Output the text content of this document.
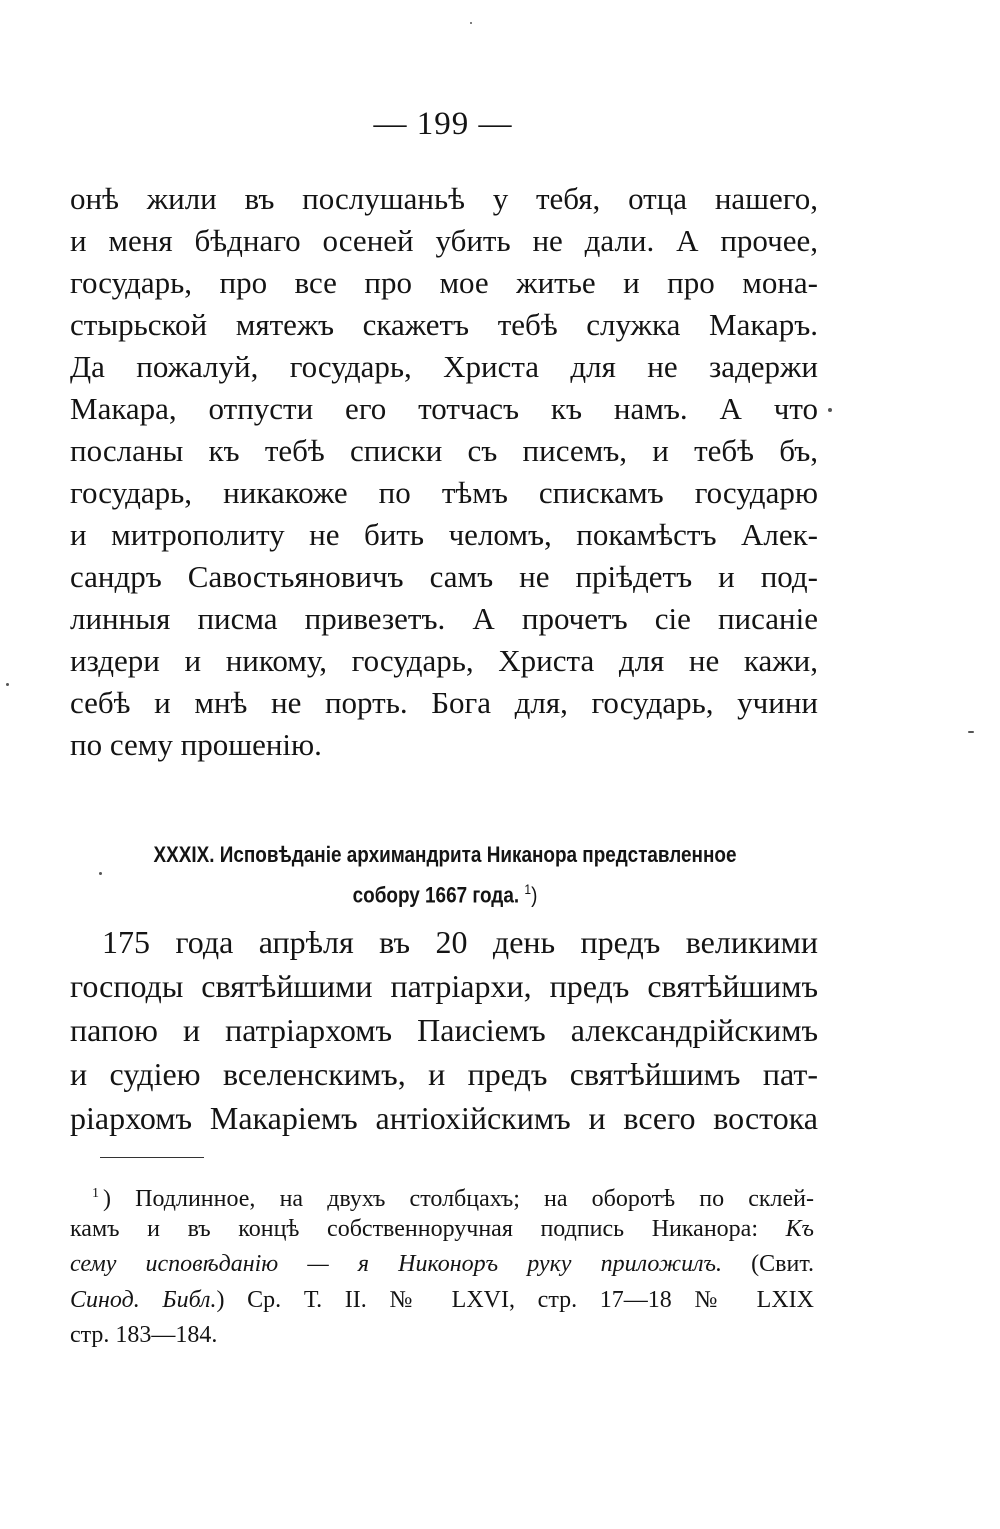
— 199 —
онѣ жили въ послушаньѣ у тебя, отца нашего,
и меня бѣднаго осеней убить не дали. А прочее,
государь, про все про мое житье и про мона-
стырьской мятежъ скажетъ тебѣ служка Макаръ.
Да пожалуй, государь, Христа для не задержи
Макара, отпусти его тотчасъ къ намъ. А что
посланы къ тебѣ списки съ писемъ, и тебѣ бъ,
государь, никакоже по тѣмъ спискамъ государю
и митрополиту не бить челомъ, покамѣстъ Алек-
сандръ Савостьяновичъ самъ не пріѣдетъ и под-
линныя писма привезетъ. А прочетъ сіе писаніе
издери и никому, государь, Христа для не кажи,
себѣ и мнѣ не порть. Бога для, государь, учини
по сему прошенію.
XXXIX. Исповѣданіе архимандрита Никанора представленное
собору 1667 года. $^1$)
175 года апрѣля въ 20 день предъ великими
господы святѣйшими патріархи, предъ святѣйшимъ
папою и патріархомъ Паисіемъ александрійскимъ
и судіею вселенскимъ, и предъ святѣйшимъ пат-
ріархомъ Макаріемъ антіохійскимъ и всего востока
$^1$ ) Подлинное, на двухъ столбцахъ; на оборотѣ по склей-
камъ и въ концѣ собственноручная подпись Никанора: Къ
сему исповѣданію — я Никоноръ руку приложилъ. (Свит.
Синод. Библ.) Ср. Т. II. № LXVI, стр. 17—18 № LXIX
стр. 183—184.
